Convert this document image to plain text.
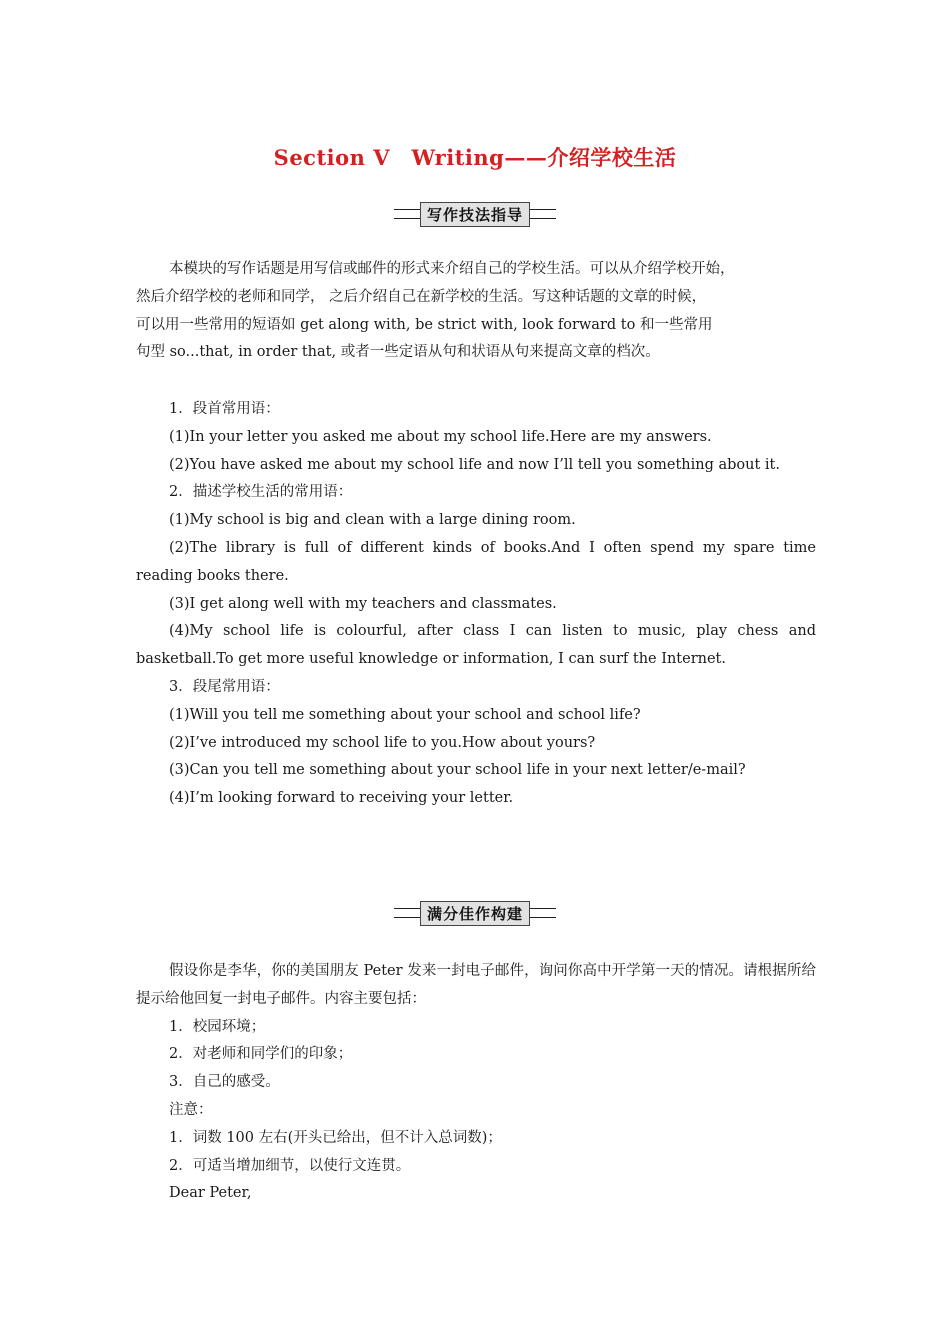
Section Ⅴ　Writing——介绍学校生活
写作技法指导

本模块的写作话题是用写信或邮件的形式来介绍自己的学校生活。可以从介绍学校开始，

然后介绍学校的老师和同学， 之后介绍自己在新学校的生活。写这种话题的文章的时候，

可以用一些常用的短语如 get along with, be strict with, look forward to 和一些常用

句型 so...that, in order that, 或者一些定语从句和状语从句来提高文章的档次。

1．段首常用语：

(1)In your letter you asked me about my school life.Here are my answers.

(2)You have asked me about my school life and now I’ll tell you something about it.

2．描述学校生活的常用语：

(1)My school is big and clean with a large dining room.

(2)The library is full of different kinds of books.And I often spend my spare time reading books there.

(3)I get along well with my teachers and classmates.

(4)My school life is colourful, after class I can listen to music, play chess and basketball.To get more useful knowledge or information, I can surf the Internet.

3．段尾常用语：

(1)Will you tell me something about your school and school life?

(2)I’ve introduced my school life to you.How about yours?

(3)Can you tell me something about your school life in your next letter/e-mail?

(4)I’m looking forward to receiving your letter.

满分佳作构建

假设你是李华，你的美国朋友 Peter 发来一封电子邮件，询问你高中开学第一天的情况。请根据所给提示给他回复一封电子邮件。内容主要包括：

1．校园环境；

2．对老师和同学们的印象；

3．自己的感受。

注意：

1．词数 100 左右(开头已给出，但不计入总词数)；

2．可适当增加细节，以使行文连贯。

Dear Peter,
